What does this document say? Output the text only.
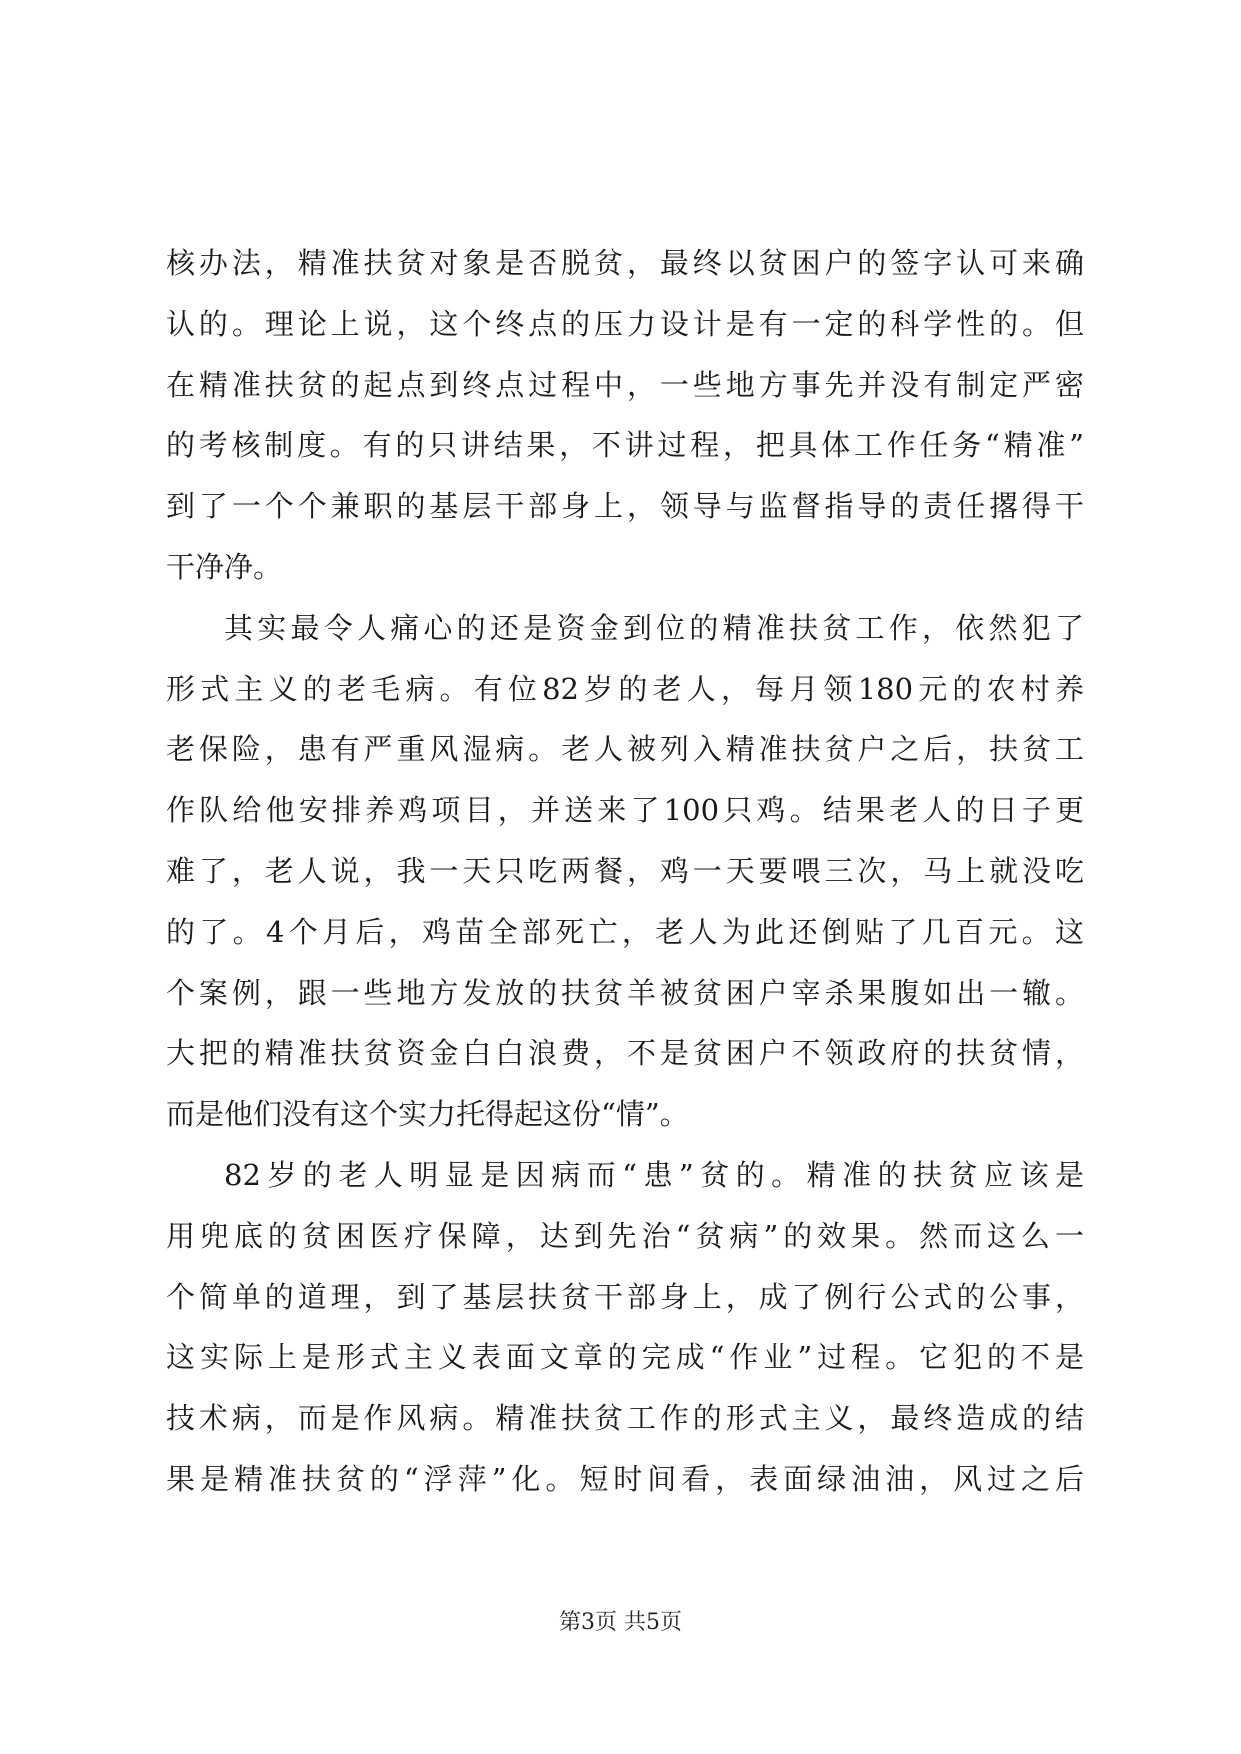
核办法，精准扶贫对象是否脱贫，最终以贫困户的签字认可来确
认的。理论上说，这个终点的压力设计是有一定的科学性的。但
在精准扶贫的起点到终点过程中，一些地方事先并没有制定严密
的考核制度。有的只讲结果，不讲过程，把具体工作任务“精准”
到了一个个兼职的基层干部身上，领导与监督指导的责任撂得干
干净净。
其实最令人痛心的还是资金到位的精准扶贫工作，依然犯了
形式主义的老毛病。有位82岁的老人，每月领180元的农村养
老保险，患有严重风湿病。老人被列入精准扶贫户之后，扶贫工
作队给他安排养鸡项目，并送来了100只鸡。结果老人的日子更
难了，老人说，我一天只吃两餐，鸡一天要喂三次，马上就没吃
的了。4个月后，鸡苗全部死亡，老人为此还倒贴了几百元。这
个案例，跟一些地方发放的扶贫羊被贫困户宰杀果腹如出一辙。
大把的精准扶贫资金白白浪费，不是贫困户不领政府的扶贫情，
而是他们没有这个实力托得起这份“情”。
82岁的老人明显是因病而“患”贫的。精准的扶贫应该是
用兜底的贫困医疗保障，达到先治“贫病”的效果。然而这么一
个简单的道理，到了基层扶贫干部身上，成了例行公式的公事，
这实际上是形式主义表面文章的完成“作业”过程。它犯的不是
技术病，而是作风病。精准扶贫工作的形式主义，最终造成的结
果是精准扶贫的“浮萍”化。短时间看，表面绿油油，风过之后
第3页 共5页
